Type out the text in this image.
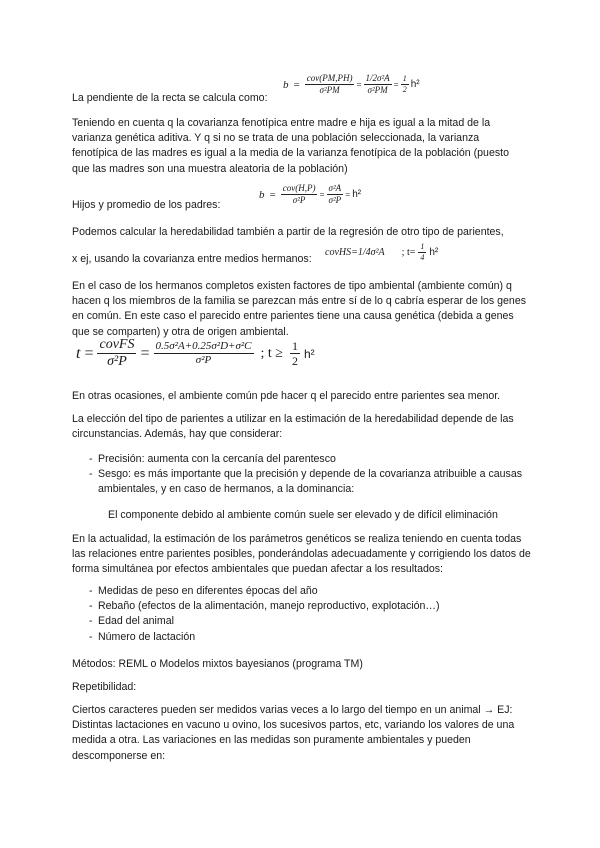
La pendiente de la recta se calcula como:

$b = \frac{\text{cov(PM,PH)}}{\text{σ²PM}} = \frac{\text{1/2σ²A}}{\text{σ²PM}} = \frac{1}{2} h^2$

Teniendo en cuenta q la covarianza fenotípica entre madre e hija es igual a la mitad de la varianza genética aditiva. Y q si no se trata de una población seleccionada, la varianza fenotípica de las madres es igual a la media de la varianza fenotípica de la población (puesto que las madres son una muestra aleatoria de la población)

Hijos y promedio de los padres:

$b = \frac{\text{cov(H,P)}}{\text{σ²P}} = \frac{\text{σ²A}}{\text{σ²P}} = h^2$

Podemos calcular la heredabilidad también a partir de la regresión de otro tipo de parientes,

x ej, usando la covarianza entre medios hermanos:

covHS=1/4σ²A ; $t= \frac{1}{4} h^2$

En el caso de los hermanos completos existen factores de tipo ambiental (ambiente común) q hacen q los miembros de la familia se parezcan más entre sí de lo q cabría esperar de los genes en común. En este caso el parecido entre parientes tiene una causa genética (debida a genes que se comparten) y otra de origen ambiental.

$t = \frac{\text{covFS}}{\text{σ²P}} = \frac{\text{0.5σ²A+0.25σ²D+σ²C}}{\text{σ²P}}$ ; $t \ge \frac{1}{2} h^2$

En otras ocasiones, el ambiente común pde hacer q el parecido entre parientes sea menor.

La elección del tipo de parientes a utilizar en la estimación de la heredabilidad depende de las circunstancias. Además, hay que considerar:

- Precisión: aumenta con la cercanía del parentesco
- Sesgo: es más importante que la precisión y depende de la covarianza atribuible a causas ambientales, y en caso de hermanos, a la dominancia:

El componente debido al ambiente común suele ser elevado y de difícil eliminación

En la actualidad, la estimación de los parámetros genéticos se realiza teniendo en cuenta todas las relaciones entre parientes posibles, ponderándolas adecuadamente y corrigiendo los datos de forma simultánea por efectos ambientales que puedan afectar a los resultados:

- Medidas de peso en diferentes épocas del año
- Rebaño (efectos de la alimentación, manejo reproductivo, explotación…)
- Edad del animal
- Número de lactación

Métodos: REML o Modelos mixtos bayesianos (programa TM)

Repetibilidad:

Ciertos caracteres pueden ser medidos varias veces a lo largo del tiempo en un animal → EJ: Distintas lactaciones en vacuno u ovino, los sucesivos partos, etc, variando los valores de una medida a otra. Las variaciones en las medidas son puramente ambientales y pueden descomponerse en:
